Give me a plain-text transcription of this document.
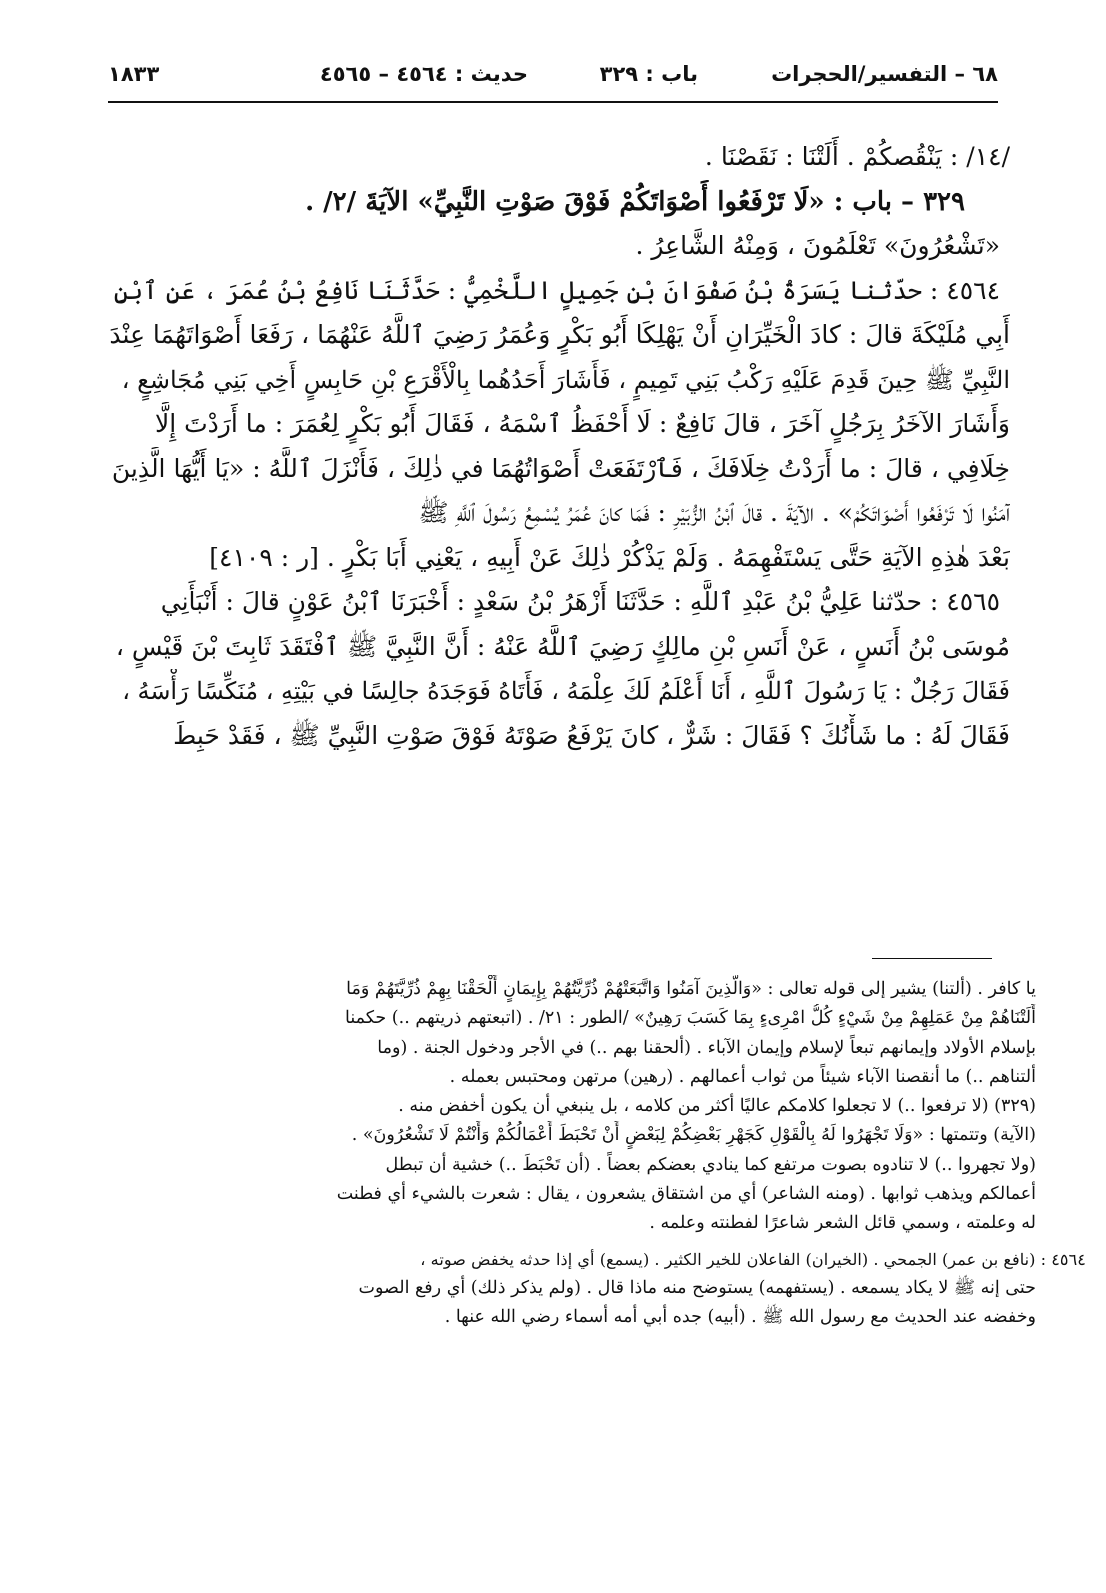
٦٨ – التفسير/الحجرات
باب : ٣٢٩
حديث : ٤٥٦٤ – ٤٥٦٥
١٨٣٣
/١٤/ : يَنْقُصكُمْ . أَلَتْنَا : نَقَصْنَا .
٣٢٩ – باب : «لَا تَرْفَعُوا أَصْوَاتَكُمْ فَوْقَ صَوْتِ النَّبِيِّ» الآيَةَ /٢/ .
«تَشْعُرُونَ» تَعْلَمُونَ ، وَمِنْهُ الشَّاعِرُ .
٤٥٦٤ : حدّثنا يَسَرَةُ بْنُ صَفْوَانَ بْنِ جَمِيلٍ اللَّخْمِيُّ : حَدَّثَنَا نَافِعُ بْنُ عُمَرَ ، عَنِ ٱبْنِ
أَبِي مُلَيْكَةَ قالَ : كادَ الْخَيِّرَانِ أَنْ يَهْلِكَا أَبُو بَكْرٍ وَعُمَرُ رَضِيَ ٱللَّهُ عَنْهُمَا ، رَفَعَا أَصْوَاتَهُمَا عِنْدَ
النَّبِيِّ ﷺ حِينَ قَدِمَ عَلَيْهِ رَكْبُ بَنِي تَمِيمٍ ، فَأَشَارَ أَحَدُهُما بِالْأَقْرَعِ بْنِ حَابِسٍ أَخِي بَنِي مُجَاشِعٍ ،
وَأَشَارَ الآخَرُ بِرَجُلٍ آخَرَ ، قالَ نَافِعٌ : لَا أَحْفَظُ ٱسْمَهُ ، فَقَالَ أَبُو بَكْرٍ لِعُمَرَ : ما أَرَدْتَ إِلَّا
خِلَافِي ، قالَ : ما أَرَدْتُ خِلَافَكَ ، فَٱرْتَفَعَتْ أَصْوَاتُهُمَا في ذٰلِكَ ، فَأَنْزَلَ ٱللَّهُ : «يَا أَيُّهَا الَّذِينَ
آمَنُوا لَا تَرْفَعُوا أَصْوَاتَكُمْ» . الآيَةَ . قالَ ٱبْنُ الزُّبَيْرِ : فَمَا كانَ عُمَرُ يُسْمِعُ رَسُولَ ٱللَّهِ ﷺ
بَعْدَ هٰذِهِ الآيَةِ حَتَّى يَسْتَفْهِمَهُ . وَلَمْ يَذْكُرْ ذٰلِكَ عَنْ أَبِيهِ ، يَعْنِي أَبَا بَكْرٍ . [ر : ٤١٠٩]
٤٥٦٥ : حدّثنا عَلِيُّ بْنُ عَبْدِ ٱللَّهِ : حَدَّثَنَا أَزْهَرُ بْنُ سَعْدٍ : أَخْبَرَنَا ٱبْنُ عَوْنٍ قالَ : أَنْبَأَنِي
مُوسَى بْنُ أَنَسٍ ، عَنْ أَنَسِ بْنِ مالِكٍ رَضِيَ ٱللَّهُ عَنْهُ : أَنَّ النَّبِيَّ ﷺ ٱفْتَقَدَ ثَابِتَ بْنَ قَيْسٍ ،
فَقَالَ رَجُلٌ : يَا رَسُولَ ٱللَّهِ ، أَنَا أَعْلَمُ لَكَ عِلْمَهُ ، فَأَتَاهُ فَوَجَدَهُ جالِسًا في بَيْتِهِ ، مُنَكِّسًا رَأْسَهُ ،
فَقَالَ لَهُ : ما شَأْنُكَ ؟ فَقَالَ : شَرٌّ ، كانَ يَرْفَعُ صَوْتَهُ فَوْقَ صَوْتِ النَّبِيِّ ﷺ ، فَقَدْ حَبِطَ
يا كافر . (ألتنا) يشير إلى قوله تعالى : «وَالَّذِينَ آمَنُوا وَاتَّبَعَتْهُمْ ذُرِّيَّتُهُمْ بِإِيمَانٍ أَلْحَقْنَا بِهِمْ ذُرِّيَّتَهُمْ وَمَا
أَلَتْنَاهُمْ مِنْ عَمَلِهِمْ مِنْ شَيْءٍ كُلُّ امْرِىءٍ بِمَا كَسَبَ رَهِينٌ» /الطور : ٢١/ . (اتبعتهم ذريتهم ..) حكمنا
بإسلام الأولاد وإيمانهم تبعاً لإسلام وإيمان الآباء . (ألحقنا بهم ..) في الأجر ودخول الجنة . (وما
ألتناهم ..) ما أنقصنا الآباء شيئاً من ثواب أعمالهم . (رهين) مرتهن ومحتبس بعمله .
(٣٢٩) (لا ترفعوا ..) لا تجعلوا كلامكم عاليًا أكثر من كلامه ، بل ينبغي أن يكون أخفض منه .
(الآية) وتتمتها : «وَلَا تَجْهَرُوا لَهُ بِالْقَوْلِ كَجَهْرِ بَعْضِكُمْ لِبَعْضٍ أَنْ تَحْبَطَ أَعْمَالُكُمْ وَأَنْتُمْ لَا تَشْعُرُونَ» .
(ولا تجهروا ..) لا تنادوه بصوت مرتفع كما ينادي بعضكم بعضاً . (أن تَحْبَطَ ..) خشية أن تبطل
أعمالكم ويذهب ثوابها . (ومنه الشاعر) أي من اشتقاق يشعرون ، يقال : شعرت بالشيء أي فطنت
له وعلمته ، وسمي قائل الشعر شاعرًا لفطنته وعلمه .
٤٥٦٤ : (نافع بن عمر) الجمحي . (الخيران) الفاعلان للخير الكثير . (يسمع) أي إذا حدثه يخفض صوته ،
حتى إنه ﷺ لا يكاد يسمعه . (يستفهمه) يستوضح منه ماذا قال . (ولم يذكر ذلك) أي رفع الصوت
وخفضه عند الحديث مع رسول الله ﷺ . (أبيه) جده أبي أمه أسماء رضي الله عنها .
